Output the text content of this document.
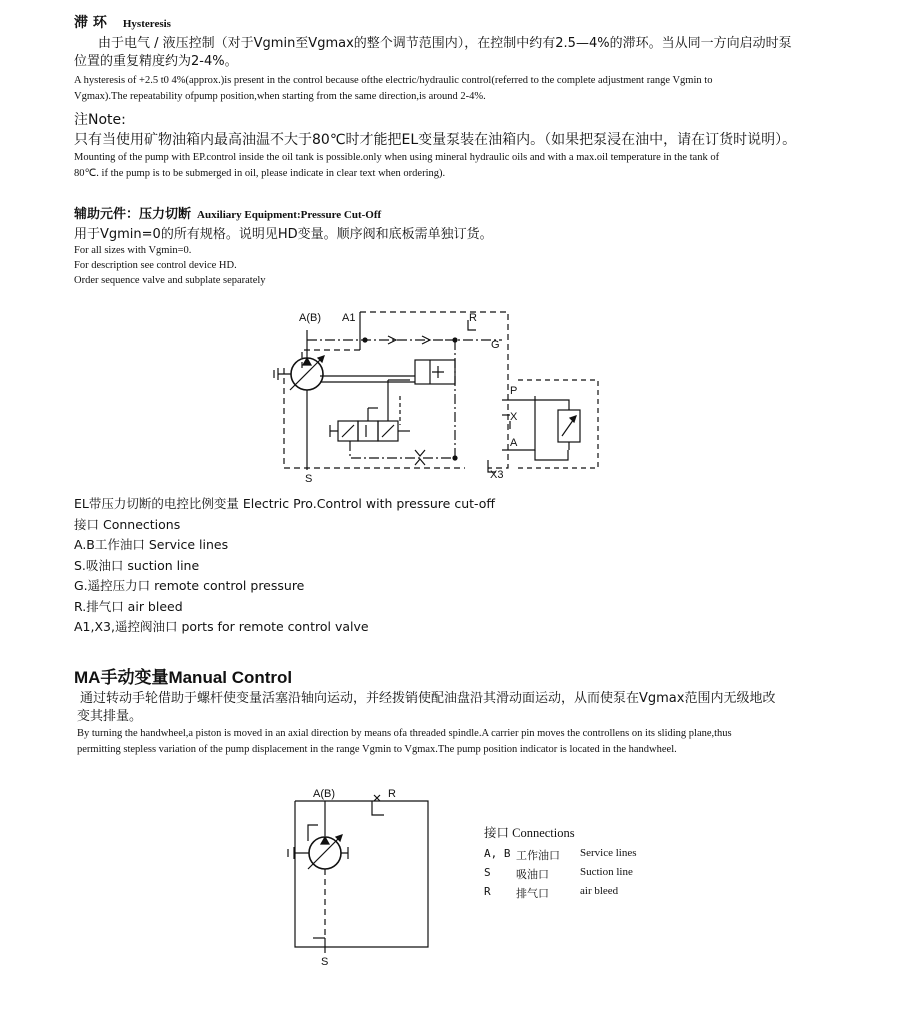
滞 环 Hysteresis
由于电气 / 液压控制（对于Vgmin至Vgmax的整个调节范围内），在控制中约有2.5—4%的滞环。当从同一方向启动时泵
位置的重复精度约为2-4%。
A hysteresis of +2.5 t0 4%(approx.)is present in the control because ofthe electric/hydraulic control(referred to the complete adjustment range Vgmin to
Vgmax).The repeatability ofpump position,when starting from the same direction,is around 2-4%.
注Note:
只有当使用矿物油箱内最高油温不大于80℃时才能把EL变量泵装在油箱内。（如果把泵浸在油中，请在订货时说明）。
Mounting of the pump with EP.control inside the oil tank is possible.only when using mineral hydraulic oils and with a max.oil temperature in the tank of
80℃. if the pump is to be submerged in oil, please indicate in clear text when ordering).
辅助元件：压力切断 Auxiliary Equipment:Pressure Cut-Off
用于Vgmin=0的所有规格。说明见HD变量。顺序阀和底板需单独订货。
For all sizes with Vgmin=0.
For description see control device HD.
Order sequence valve and subplate separately
A(B) A1	R
G
P
X
A
S	X3
EL带压力切断的电控比例变量 Electric Pro.Control with pressure cut-off
接口 Connections
A.B工作油口 Service lines
S.吸油口 suction line
G.遥控压力口 remote control pressure
R.排气口 air bleed
A1,X3,遥控阀油口 ports for remote control valve
MA手动变量Manual Control
通过转动手轮借助于螺杆使变量活塞沿轴向运动，并经拨销使配油盘沿其滑动面运动，从而使泵在Vgmax范围内无级地改
变其排量。
By turning the handwheel,a piston is moved in an axial direction by means ofa threaded spindle.A carrier pin moves the controllens on its sliding plane,thus
permitting stepless variation of the pump displacement in the range Vgmin to Vgmax.The pump position indicator is located in the handwheel.
A(B)	R
S
接口 Connections
A, B	工作油口	Service lines
S	吸油口	Suction line
R	排气口	air bleed
